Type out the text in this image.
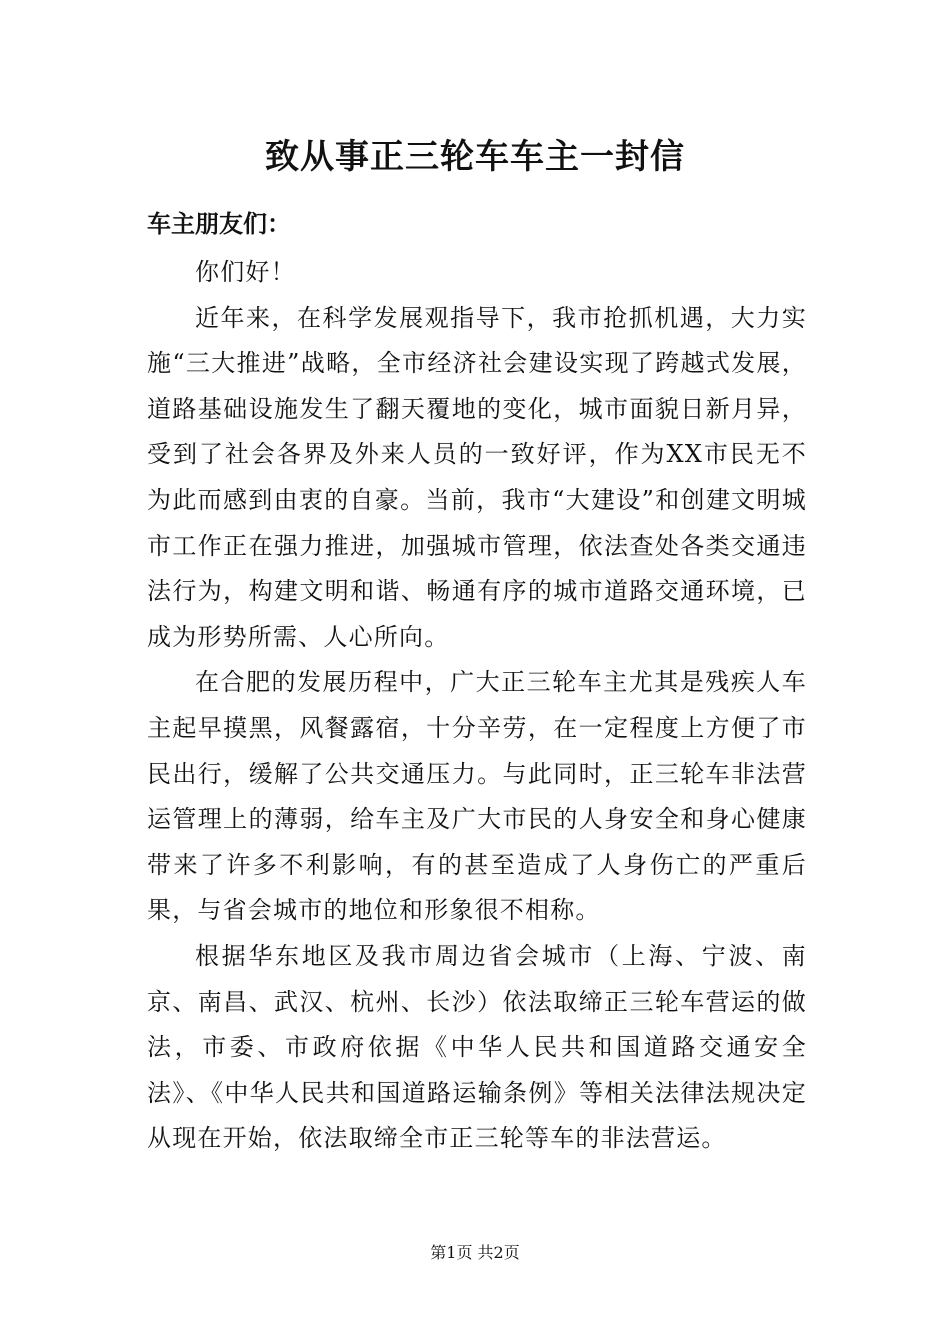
致从事正三轮车车主一封信

车主朋友们：

你们好！

近年来，在科学发展观指导下，我市抢抓机遇，大力实施“三大推进”战略，全市经济社会建设实现了跨越式发展，道路基础设施发生了翻天覆地的变化，城市面貌日新月异，受到了社会各界及外来人员的一致好评，作为XX市民无不为此而感到由衷的自豪。当前，我市“大建设”和创建文明城市工作正在强力推进，加强城市管理，依法查处各类交通违法行为，构建文明和谐、畅通有序的城市道路交通环境，已成为形势所需、人心所向。

在合肥的发展历程中，广大正三轮车主尤其是残疾人车主起早摸黑，风餐露宿，十分辛劳，在一定程度上方便了市民出行，缓解了公共交通压力。与此同时，正三轮车非法营运管理上的薄弱，给车主及广大市民的人身安全和身心健康带来了许多不利影响，有的甚至造成了人身伤亡的严重后果，与省会城市的地位和形象很不相称。

根据华东地区及我市周边省会城市（上海、宁波、南京、南昌、武汉、杭州、长沙）依法取缔正三轮车营运的做法，市委、市政府依据《中华人民共和国道路交通安全法》、《中华人民共和国道路运输条例》等相关法律法规决定从现在开始，依法取缔全市正三轮等车的非法营运。

第1页 共2页
